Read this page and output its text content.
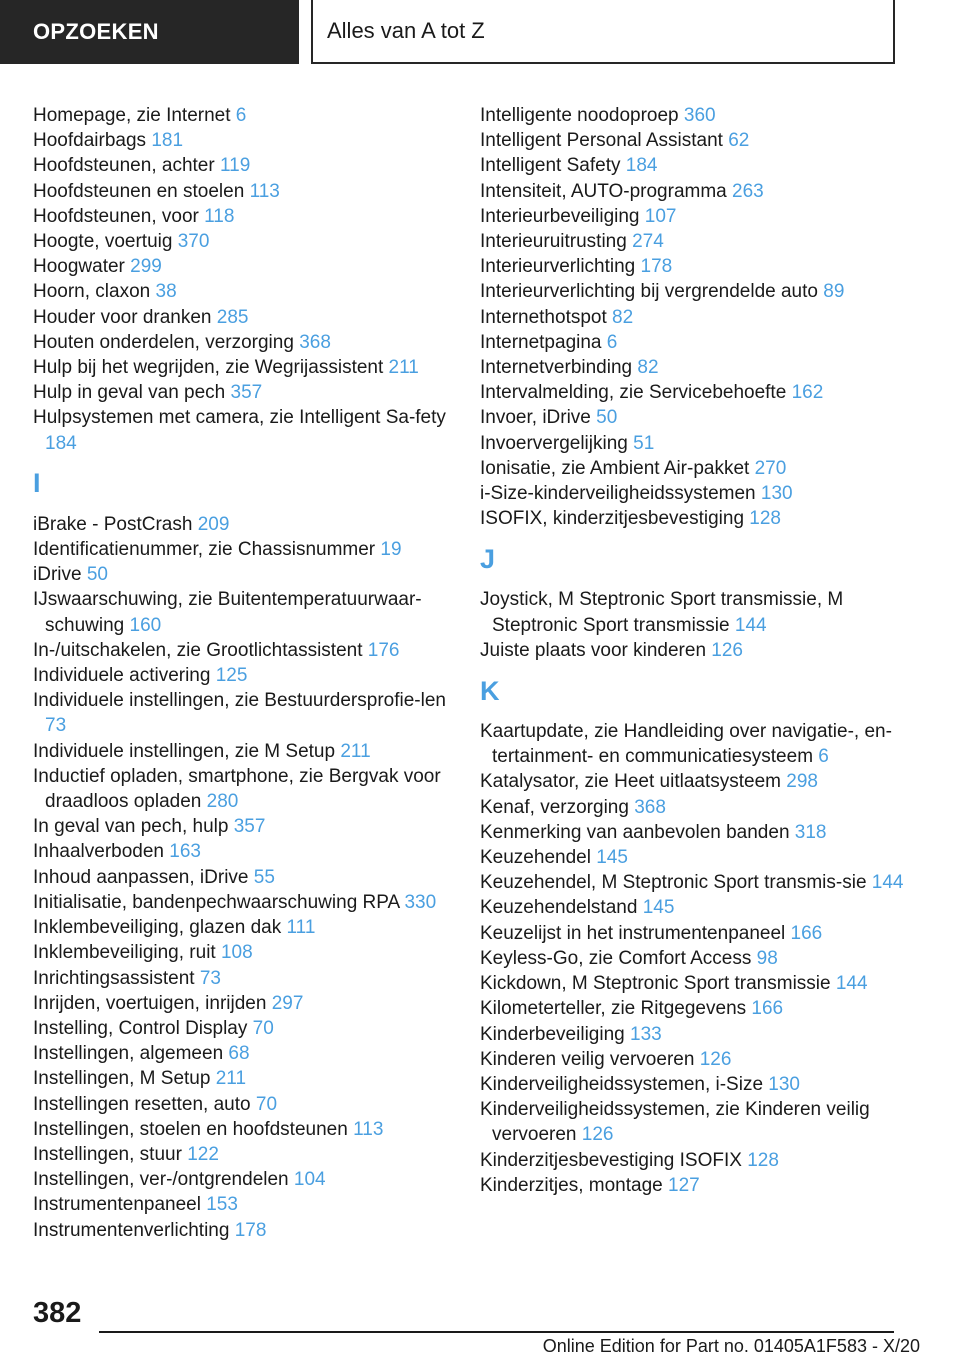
OPZOEKEN	Alles van A tot Z
Homepage, zie Internet 6
Hoofdairbags 181
Hoofdsteunen, achter 119
Hoofdsteunen en stoelen 113
Hoofdsteunen, voor 118
Hoogte, voertuig 370
Hoogwater 299
Hoorn, claxon 38
Houder voor dranken 285
Houten onderdelen, verzorging 368
Hulp bij het wegrijden, zie Wegrijassistent 211
Hulp in geval van pech 357
Hulpsystemen met camera, zie Intelligent Sa-fety 184
I
iBrake - PostCrash 209
Identificatienummer, zie Chassisnummer 19
iDrive 50
IJswaarschuwing, zie Buitentemperatuurwaar-schuwing 160
In-/uitschakelen, zie Grootlichtassistent 176
Individuele activering 125
Individuele instellingen, zie Bestuurdersprofie-len 73
Individuele instellingen, zie M Setup 211
Inductief opladen, smartphone, zie Bergvak voor draadloos opladen 280
In geval van pech, hulp 357
Inhaalverboden 163
Inhoud aanpassen, iDrive 55
Initialisatie, bandenpechwaarschuwing RPA 330
Inklembeveiliging, glazen dak 111
Inklembeveiliging, ruit 108
Inrichtingsassistent 73
Inrijden, voertuigen, inrijden 297
Instelling, Control Display 70
Instellingen, algemeen 68
Instellingen, M Setup 211
Instellingen resetten, auto 70
Instellingen, stoelen en hoofdsteunen 113
Instellingen, stuur 122
Instellingen, ver-/ontgrendelen 104
Instrumentenpaneel 153
Instrumentenverlichting 178
Intelligente noodoproep 360
Intelligent Personal Assistant 62
Intelligent Safety 184
Intensiteit, AUTO-programma 263
Interieurbeveiliging 107
Interieuruitrusting 274
Interieurverlichting 178
Interieurverlichting bij vergrendelde auto 89
Internethotspot 82
Internetpagina 6
Internetverbinding 82
Intervalmelding, zie Servicebehoefte 162
Invoer, iDrive 50
Invoervergelijking 51
Ionisatie, zie Ambient Air-pakket 270
i-Size-kinderveiligheidssystemen 130
ISOFIX, kinderzitjesbevestiging 128
J
Joystick, M Steptronic Sport transmissie, M Steptronic Sport transmissie 144
Juiste plaats voor kinderen 126
K
Kaartupdate, zie Handleiding over navigatie-, en-tertainment- en communicatiesysteem 6
Katalysator, zie Heet uitlaatsysteem 298
Kenaf, verzorging 368
Kenmerking van aanbevolen banden 318
Keuzehendel 145
Keuzehendel, M Steptronic Sport transmis-sie 144
Keuzehendelstand 145
Keuzelijst in het instrumentenpaneel 166
Keyless-Go, zie Comfort Access 98
Kickdown, M Steptronic Sport transmissie 144
Kilometerteller, zie Ritgegevens 166
Kinderbeveiliging 133
Kinderen veilig vervoeren 126
Kinderveiligheidssystemen, i-Size 130
Kinderveiligheidssystemen, zie Kinderen veilig vervoeren 126
Kinderzitjesbevestiging ISOFIX 128
Kinderzitjes, montage 127
382
Online Edition for Part no. 01405A1F583 - X/20
